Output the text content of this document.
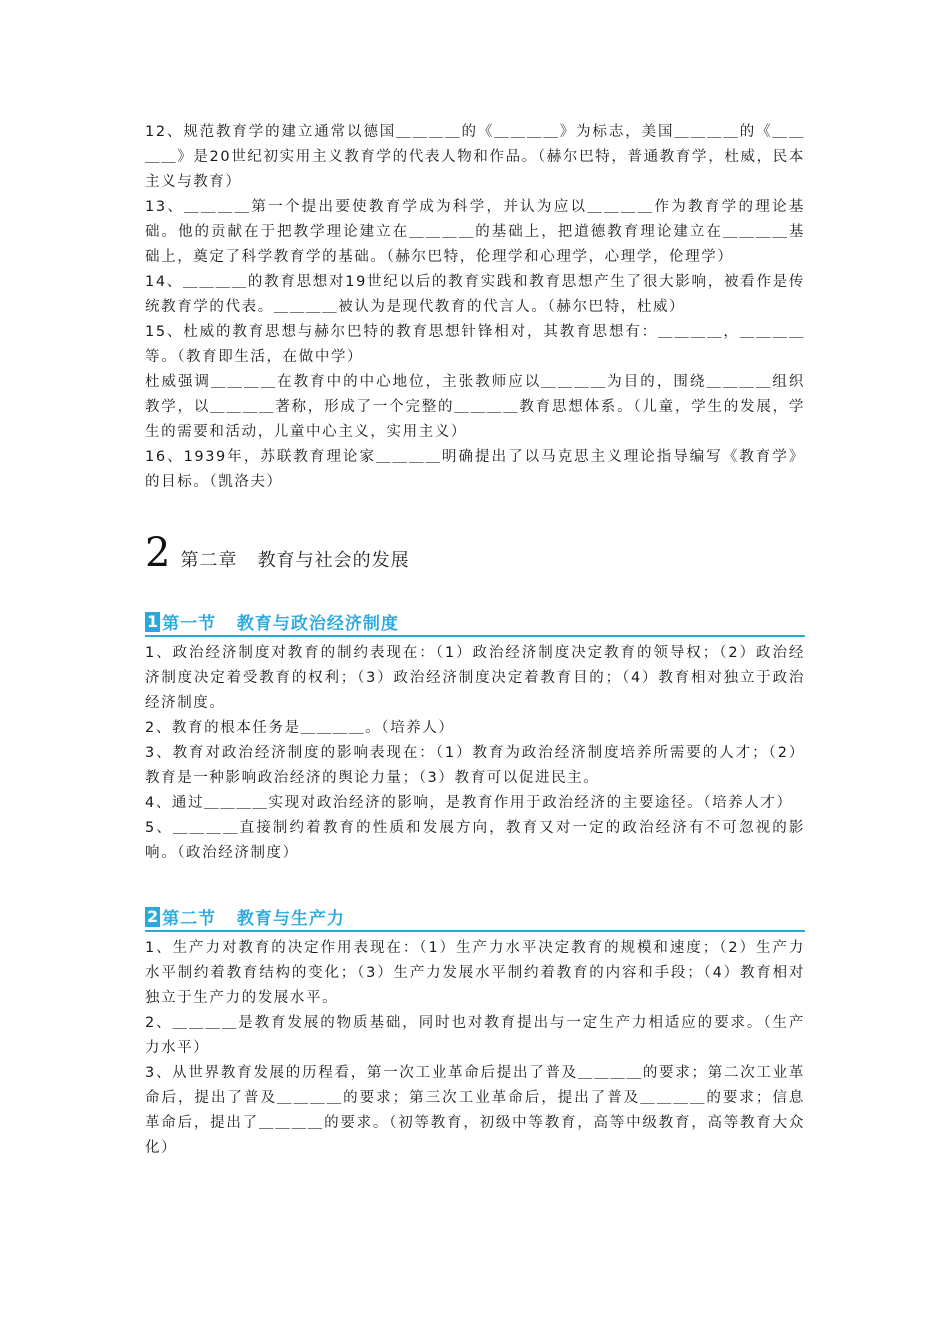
12、规范教育学的建立通常以德国＿＿＿＿的《＿＿＿＿》为标志，美国＿＿＿＿的《＿＿＿＿》是20世纪初实用主义教育学的代表人物和作品。（赫尔巴特，普通教育学，杜威，民本主义与教育）

13、＿＿＿＿第一个提出要使教育学成为科学，并认为应以＿＿＿＿作为教育学的理论基础。他的贡献在于把教学理论建立在＿＿＿＿的基础上，把道德教育理论建立在＿＿＿＿基础上，奠定了科学教育学的基础。（赫尔巴特，伦理学和心理学，心理学，伦理学）

14、＿＿＿＿的教育思想对19世纪以后的教育实践和教育思想产生了很大影响，被看作是传统教育学的代表。＿＿＿＿被认为是现代教育的代言人。（赫尔巴特，杜威）

15、杜威的教育思想与赫尔巴特的教育思想针锋相对，其教育思想有：＿＿＿＿，＿＿＿＿等。（教育即生活，在做中学）

杜威强调＿＿＿＿在教育中的中心地位，主张教师应以＿＿＿＿为目的，围绕＿＿＿＿组织教学，以＿＿＿＿著称，形成了一个完整的＿＿＿＿教育思想体系。（儿童，学生的发展，学生的需要和活动，儿童中心主义，实用主义）

16、1939年，苏联教育理论家＿＿＿＿明确提出了以马克思主义理论指导编写《教育学》的目标。（凯洛夫）

2 第二章   教育与社会的发展
1 第一节   教育与政治经济制度

1、政治经济制度对教育的制约表现在：（1）政治经济制度决定教育的领导权；（2）政治经济制度决定着受教育的权利；（3）政治经济制度决定着教育目的；（4）教育相对独立于政治经济制度。

2、教育的根本任务是＿＿＿＿。（培养人）

3、教育对政治经济制度的影响表现在：（1）教育为政治经济制度培养所需要的人才；（2）教育是一种影响政治经济的舆论力量；（3）教育可以促进民主。

4、通过＿＿＿＿实现对政治经济的影响，是教育作用于政治经济的主要途径。（培养人才）

5、＿＿＿＿直接制约着教育的性质和发展方向，教育又对一定的政治经济有不可忽视的影响。（政治经济制度）

2 第二节   教育与生产力

1、生产力对教育的决定作用表现在：（1）生产力水平决定教育的规模和速度；（2）生产力水平制约着教育结构的变化；（3）生产力发展水平制约着教育的内容和手段；（4）教育相对独立于生产力的发展水平。

2、＿＿＿＿是教育发展的物质基础，同时也对教育提出与一定生产力相适应的要求。（生产力水平）

3、从世界教育发展的历程看，第一次工业革命后提出了普及＿＿＿＿的要求；第二次工业革命后，提出了普及＿＿＿＿的要求；第三次工业革命后，提出了普及＿＿＿＿的要求；信息革命后，提出了＿＿＿＿的要求。（初等教育，初级中等教育，高等中级教育，高等教育大众化）
